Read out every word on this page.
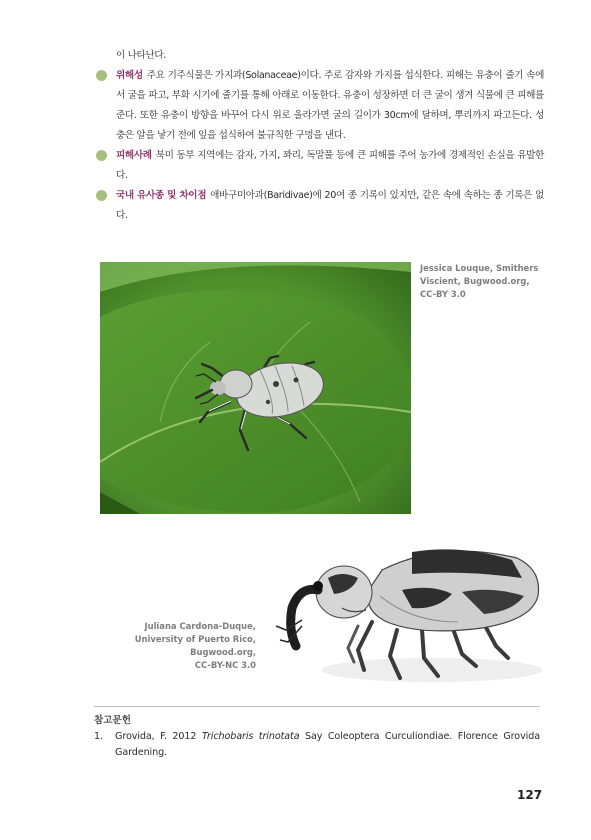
이 나타난다.

위해성 주요 기주식물은 가지과(Solanaceae)이다. 주로 감자와 가지를 섭식한다. 피해는 유충이 줄기 속에서 굴을 파고, 부화 시기에 줄기를 통해 아래로 이동한다. 유충이 성장하면 더 큰 굴이 생겨 식물에 큰 피해를 준다. 또한 유충이 방향을 바꾸어 다시 위로 올라가면 굴의 길이가 30cm에 달하며, 뿌리까지 파고든다. 성충은 알을 낳기 전에 잎을 섭식하여 불규칙한 구멍을 낸다.
피해사례 북미 동부 지역에는 감자, 가지, 꽈리, 독말풀 등에 큰 피해를 주어 농가에 경제적인 손실을 유발한다.
국내 유사종 및 차이점 애바구미아과(Baridivae)에 20여 종 기록이 있지만, 같은 속에 속하는 종 기록은 없다.
Jessica Louque, Smithers
Viscient, Bugwood.org,
CC-BY 3.0
Juliana Cardona-Duque,
University of Puerto Rico,
Bugwood.org,
CC-BY-NC 3.0
참고문헌
1. Grovida, F. 2012 Trichobaris trinotata Say Coleoptera Curculiondiae. Florence Grovida Gardening.
127
